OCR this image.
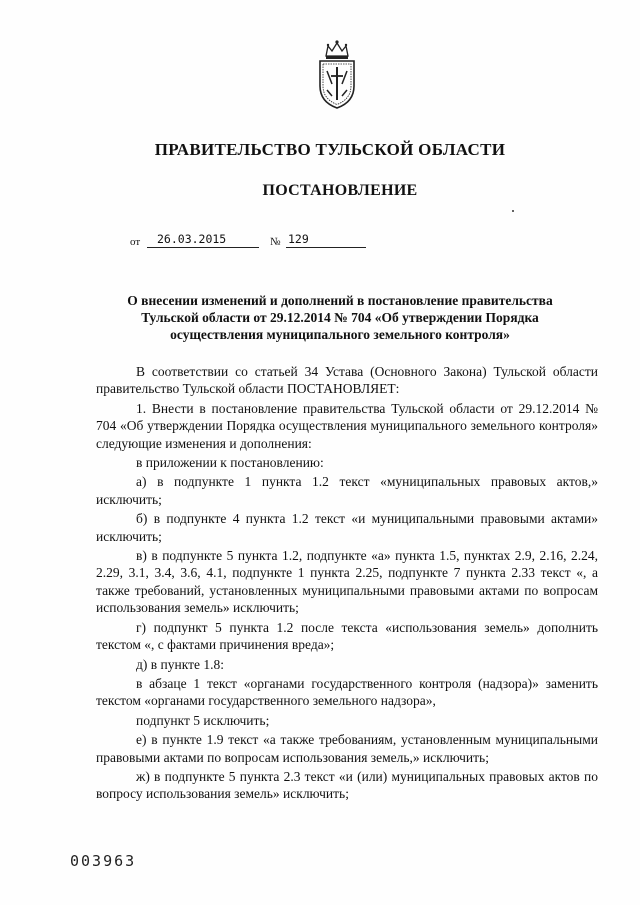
ПРАВИТЕЛЬСТВО ТУЛЬСКОЙ ОБЛАСТИ
ПОСТАНОВЛЕНИЕ
от	26.03.2015	№ 129
О внесении изменений и дополнений в постановление правительства
Тульской области от 29.12.2014 № 704 «Об утверждении Порядка
осуществления муниципального земельного контроля»

В соответствии со статьей 34 Устава (Основного Закона) Тульской области правительство Тульской области ПОСТАНОВЛЯЕТ:

1. Внести в постановление правительства Тульской области от 29.12.2014 № 704 «Об утверждении Порядка осуществления муниципального земельного контроля» следующие изменения и дополнения:

в приложении к постановлению:

а) в подпункте 1 пункта 1.2 текст «муниципальных правовых актов,» исключить;

б) в подпункте 4 пункта 1.2 текст «и муниципальными правовыми актами» исключить;

в) в подпункте 5 пункта 1.2, подпункте «а» пункта 1.5, пунктах 2.9, 2.16, 2.24, 2.29, 3.1, 3.4, 3.6, 4.1, подпункте 1 пункта 2.25, подпункте 7 пункта 2.33 текст «, а также требований, установленных муниципальными правовыми актами по вопросам использования земель» исключить;

г) подпункт 5 пункта 1.2 после текста «использования земель» дополнить текстом «, с фактами причинения вреда»;

д) в пункте 1.8:

в абзаце 1 текст «органами государственного контроля (надзора)» заменить текстом «органами государственного земельного надзора»,

подпункт 5 исключить;

е) в пункте 1.9 текст «а также требованиям, установленным муниципальными правовыми актами по вопросам использования земель,» исключить;

ж) в подпункте 5 пункта 2.3 текст «и (или) муниципальных правовых актов по вопросу использования земель» исключить;

003963
